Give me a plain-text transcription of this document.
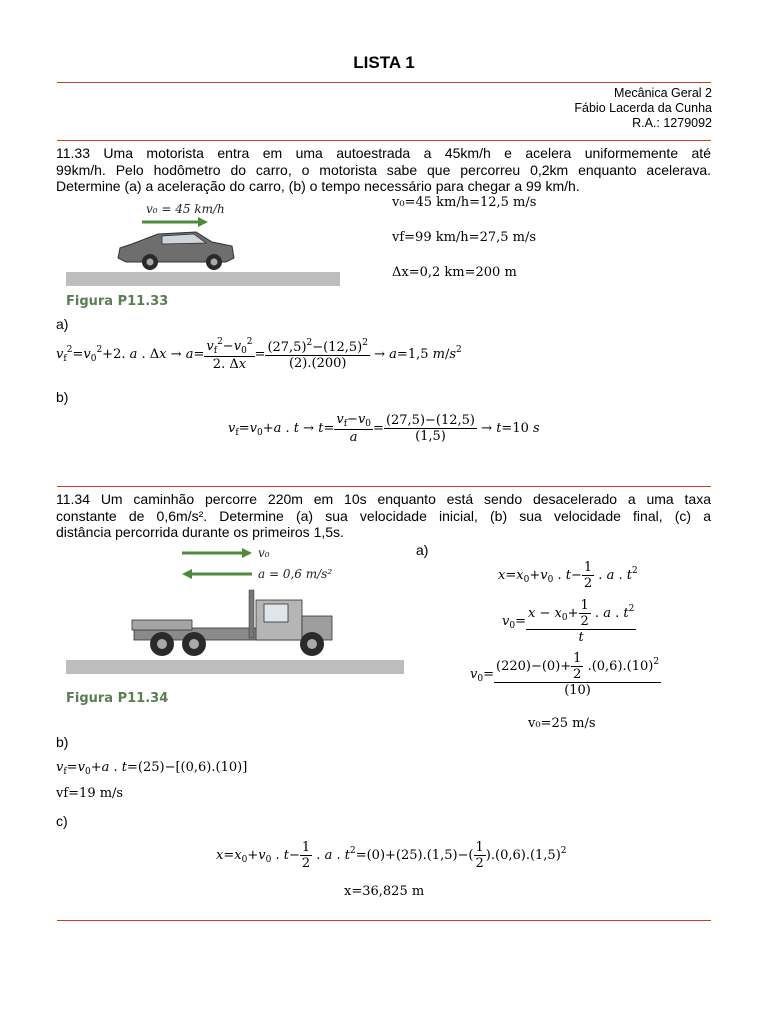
LISTA 1
Mecânica Geral 2
Fábio Lacerda da Cunha
R.A.: 1279092
11.33 Uma motorista entra em uma autoestrada a 45km/h e acelera uniformemente até
99km/h. Pelo hodômetro do carro, o motorista sabe que percorreu 0,2km enquanto acelerava.
Determine (a) a aceleração do carro, (b) o tempo necessário para chegar a 99 km/h.
v₀ = 45 km/h
Figura P11.33
v₀=45 km/h=12,5 m/s
vf=99 km/h=27,5 m/s
Δx=0,2 km=200 m
a)
$v_f^2=v_0^2+2$. a . $\Delta x \to a= \frac{v_f^2-v_0^2}{2. \Delta x} = \frac{(27,5)^2-(12,5)^2}{(2).(200)} \to a=1,5$ $m/s^2$
b)
$v_f=v_0+a$ . $t \to t= \frac{v_f-v_0}{a} = \frac{(27,5)-(12,5)}{(1,5)} \to t=10$ s
11.34 Um caminhão percorre 220m em 10s enquanto está sendo desacelerado a uma taxa
constante de 0,6m/s². Determine (a) sua velocidade inicial, (b) sua velocidade final, (c) a
distância percorrida durante os primeiros 1,5s.
v₀
a = 0,6 m/s²
Figura P11.34
a)
$x=x_0+v_0$ . $t- \frac{1}{2}$ . a . $t^2$
$v_0= \frac{x - x_0+ \frac{1}{2} . a . t^2}{t}$
$v_0= \frac{(220)-(0)+ \frac{1}{2} .(0,6).(10)^2}{(10)}$
v₀=25 m/s
b)
$v_f=v_0+a$ . t=(25)−[(0,6).(10)]
vf=19 m/s
c)
$x=x_0+v_0$ . $t- \frac{1}{2}$ . a . $t^2=(0)+(25).(1,5)-( \frac{1}{2} ).(0,6).(1,5)^2$
x=36,825 m
